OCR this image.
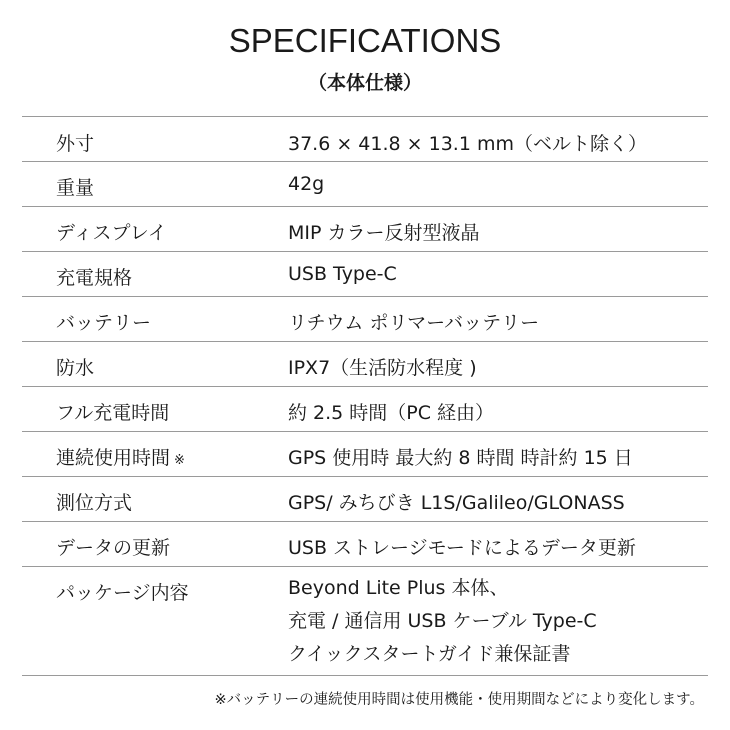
SPECIFICATIONS
（本体仕様）
外寸	37.6 × 41.8 × 13.1 mm（ベルト除く）
重量	42g
ディスプレイ	MIP カラー反射型液晶
充電規格	USB Type-C
バッテリー	リチウム ポリマーバッテリー
防水	IPX7（生活防水程度 )
フル充電時間	約 2.5 時間（PC 経由）
連続使用時間 ※	GPS 使用時 最大約 8 時間 時計約 15 日
測位方式	GPS/ みちびき L1S/Galileo/GLONASS
データの更新	USB ストレージモードによるデータ更新
パッケージ内容	Beyond Lite Plus 本体、
充電 / 通信用 USB ケーブル Type-C
クイックスタートガイド兼保証書
※バッテリーの連続使用時間は使用機能・使用期間などにより変化します。
